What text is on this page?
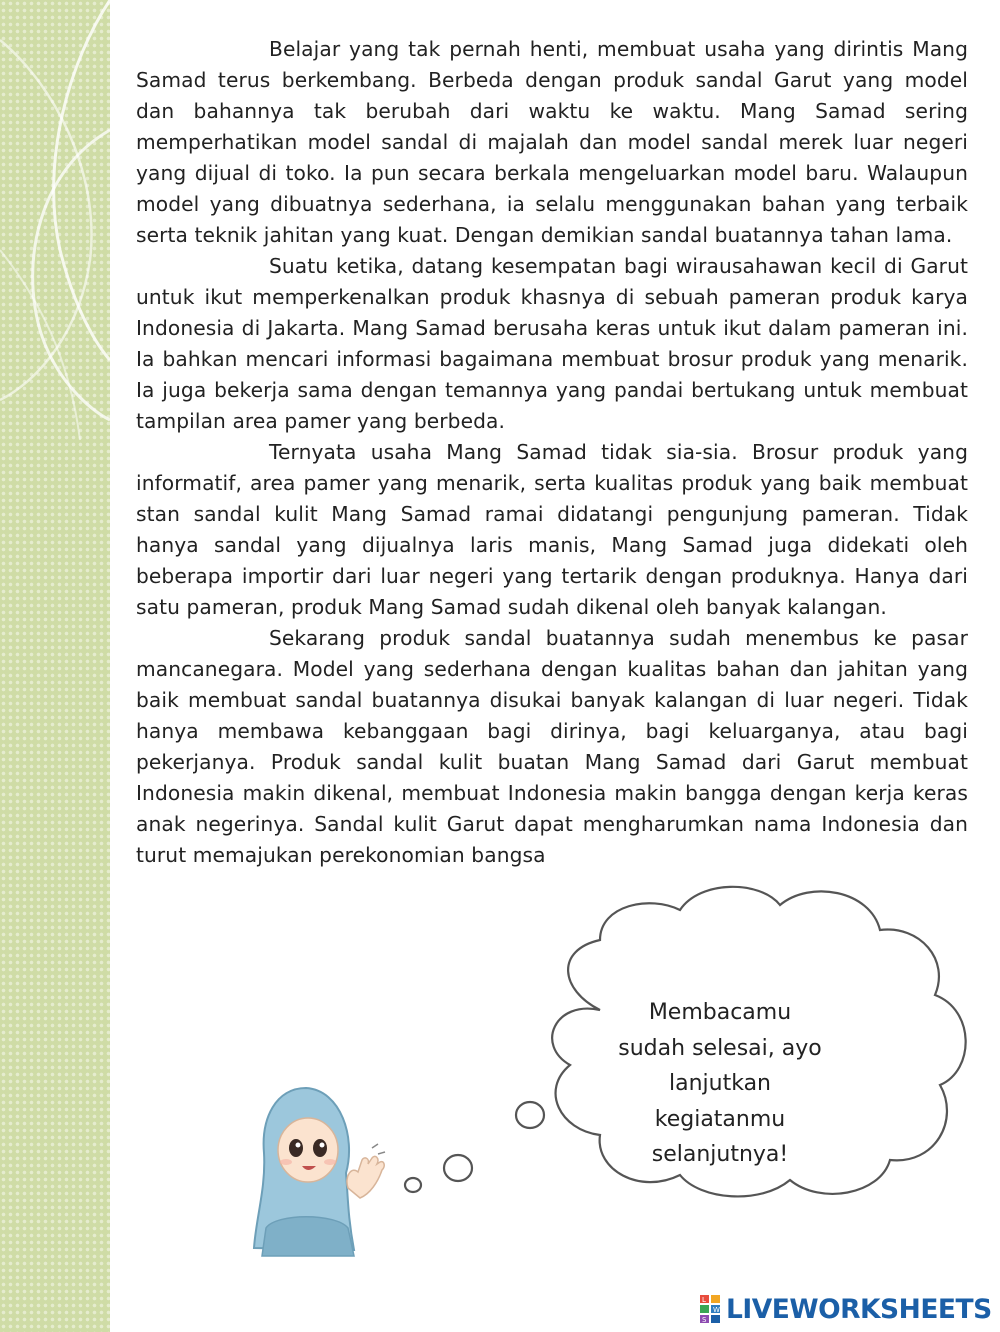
Belajar yang tak pernah henti, membuat usaha yang dirintis Mang Samad terus berkembang. Berbeda dengan produk sandal Garut yang model dan bahannya tak berubah dari waktu ke waktu. Mang Samad sering memperhatikan model sandal di majalah dan model sandal merek luar negeri yang dijual di toko. Ia pun secara berkala mengeluarkan model baru. Walaupun model yang dibuatnya sederhana, ia selalu menggunakan bahan yang terbaik serta teknik jahitan yang kuat. Dengan demikian sandal buatannya tahan lama.

Suatu ketika, datang kesempatan bagi wirausahawan kecil di Garut untuk ikut memperkenalkan produk khasnya di sebuah pameran produk karya Indonesia di Jakarta. Mang Samad berusaha keras untuk ikut dalam pameran ini. Ia bahkan mencari informasi bagaimana membuat brosur produk yang menarik. Ia juga bekerja sama dengan temannya yang pandai bertukang untuk membuat tampilan area pamer yang berbeda.

Ternyata usaha Mang Samad tidak sia-sia. Brosur produk yang informatif, area pamer yang menarik, serta kualitas produk yang baik membuat stan sandal kulit Mang Samad ramai didatangi pengunjung pameran. Tidak hanya sandal yang dijualnya laris manis, Mang Samad juga didekati oleh beberapa importir dari luar negeri yang tertarik dengan produknya. Hanya dari satu pameran, produk Mang Samad sudah dikenal oleh banyak kalangan.

Sekarang produk sandal buatannya sudah menembus ke pasar mancanegara. Model yang sederhana dengan kualitas bahan dan jahitan yang baik membuat sandal buatannya disukai banyak kalangan di luar negeri. Tidak hanya membawa kebanggaan bagi dirinya, bagi keluarganya, atau bagi pekerjanya. Produk sandal kulit buatan Mang Samad dari Garut membuat Indonesia makin dikenal, membuat Indonesia makin bangga dengan kerja keras anak negerinya. Sandal kulit Garut dapat mengharumkan nama Indonesia dan turut memajukan perekonomian bangsa

Membacamu
sudah selesai, ayo
lanjutkan
kegiatanmu
selanjutnya!
L
W
S LIVEWORKSHEETS
